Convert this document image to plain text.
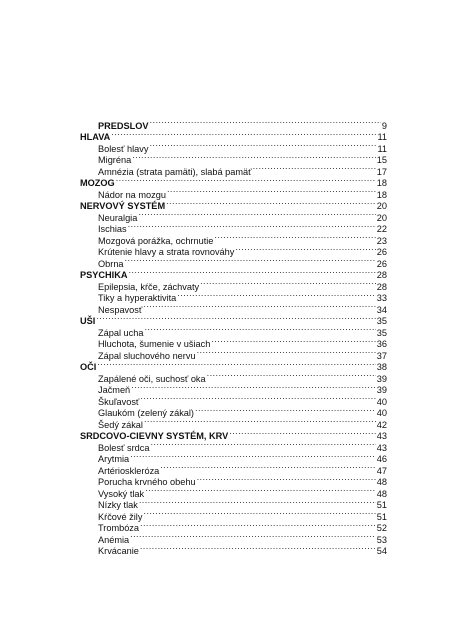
PREDSLOV .....	9
HLAVA .....	11
Bolesť hlavy .....	11
Migréna .....	15
Amnézia (strata pamäti), slabá pamäť .....	17
MOZOG .....	18
Nádor na mozgu .....	18
NERVOVÝ SYSTÉM .....	20
Neuralgia .....	20
Ischias .....	22
Mozgová porážka, ochrnutie .....	23
Krútenie hlavy a strata rovnováhy .....	26
Obrna .....	26
PSYCHIKA .....	28
Epilepsia, kŕče, záchvaty .....	28
Tiky a hyperaktivita .....	33
Nespavosť .....	34
UŠI .....	35
Zápal ucha .....	35
Hluchota, šumenie v ušiach .....	36
Zápal sluchového nervu .....	37
OČI .....	38
Zapálené oči, suchosť oka .....	39
Jačmeň .....	39
Škuľavosť .....	40
Glaukóm (zelený zákal) .....	40
Šedý zákal .....	42
SRDCOVO-CIEVNY SYSTÉM, KRV .....	43
Bolesť srdca .....	43
Arytmia .....	46
Artérioskleróza .....	47
Porucha krvného obehu .....	48
Vysoký tlak .....	48
Nízky tlak .....	51
Kŕčové žily .....	51
Trombóza .....	52
Anémia .....	53
Krvácanie .....	54
